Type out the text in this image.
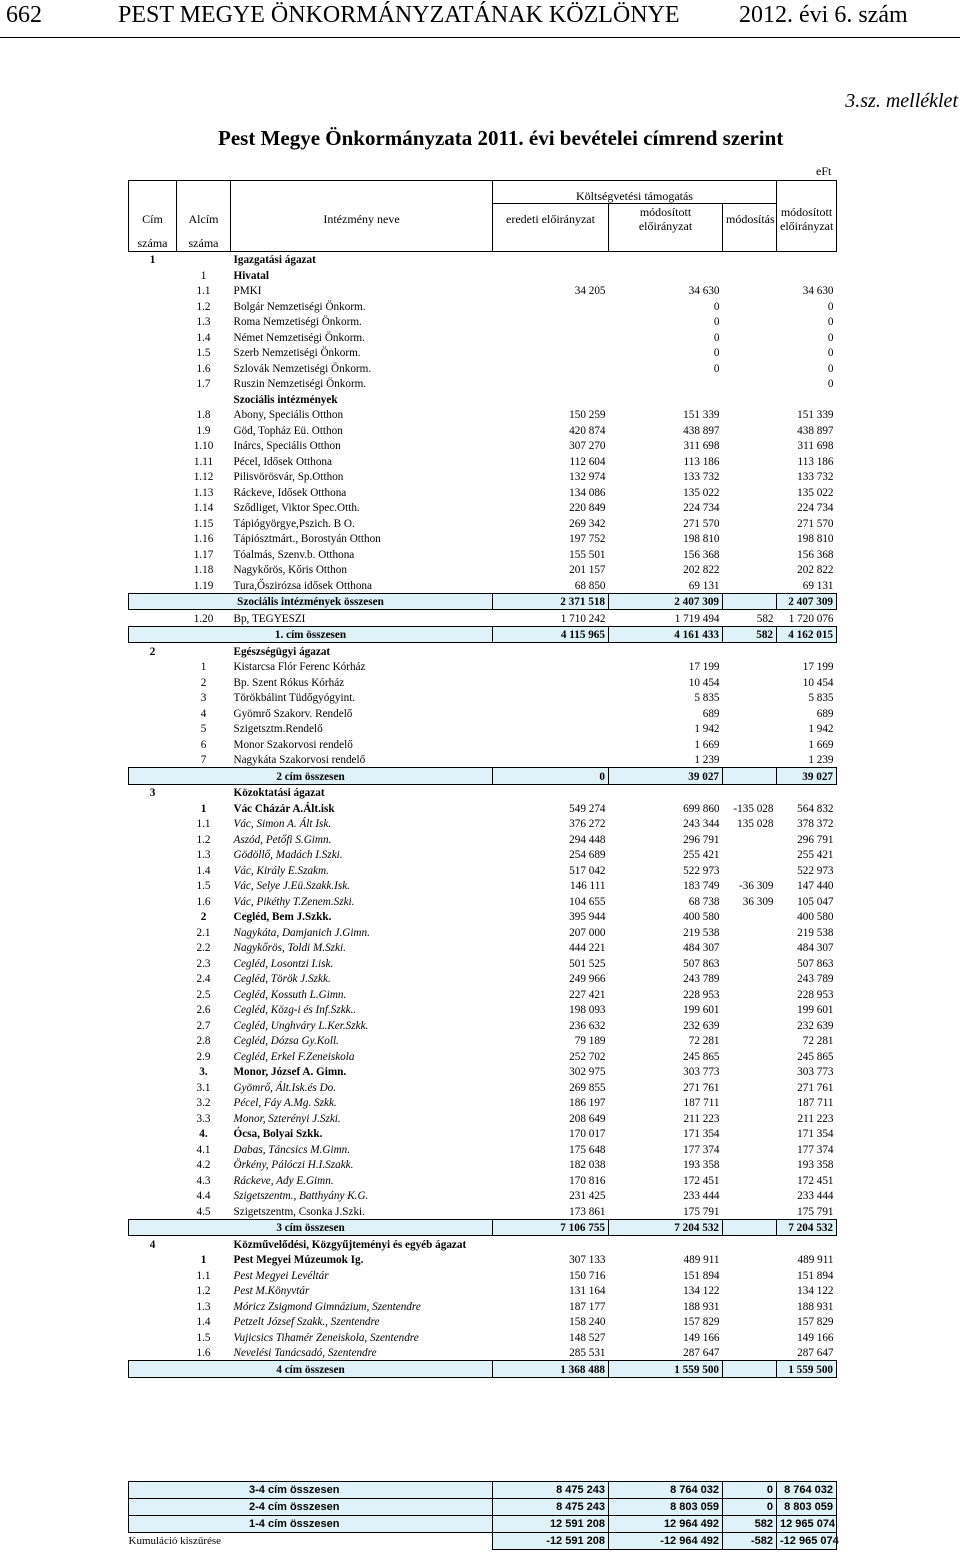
662	PEST MEGYE ÖNKORMÁNYZATÁNAK KÖZLÖNYE 2012. évi 6. szám
3.sz. melléklet
Pest Megye Önkormányzata 2011. évi bevételei címrend szerint
eFt
			Költségvetési támogatás			
Cím	Alcím	Intézmény neve	eredeti előirányzat	módosított előirányzat	módosítás	módosított előirányzat
száma	száma					
1		Igazgatási ágazat				
	1	Hivatal				
	1.1	PMKI	34 205	34 630		34 630
	1.2	Bolgár Nemzetiségi Önkorm.		0		0
	1.3	Roma Nemzetiségi Önkorm.		0		0
	1.4	Német Nemzetiségi Önkorm.		0		0
	1.5	Szerb Nemzetiségi Önkorm.		0		0
	1.6	Szlovák Nemzetiségi Önkorm.		0		0
	1.7	Ruszin Nemzetiségi Önkorm.				0
		Szociális intézmények				
	1.8	Abony, Speciális Otthon	150 259	151 339		151 339
	1.9	Göd, Topház Eü. Otthon	420 874	438 897		438 897
	1.10	Inárcs, Speciális Otthon	307 270	311 698		311 698
	1.11	Pécel, Idősek Otthona	112 604	113 186		113 186
	1.12	Pilisvörösvár, Sp.Otthon	132 974	133 732		133 732
	1.13	Ráckeve, Idősek Otthona	134 086	135 022		135 022
	1.14	Sződliget, Viktor Spec.Otth.	220 849	224 734		224 734
	1.15	Tápiógyörgye,Pszich. B O.	269 342	271 570		271 570
	1.16	Tápiósztmárt., Borostyán Otthon	197 752	198 810		198 810
	1.17	Tóalmás, Szenv.b. Otthona	155 501	156 368		156 368
	1.18	Nagykőrös, Kőris Otthon	201 157	202 822		202 822
	1.19	Tura,Őszirózsa idősek Otthona	68 850	69 131		69 131
Szociális intézmények összesen			2 371 518	2 407 309		2 407 309
	1.20	Bp, TEGYESZI	1 710 242	1 719 494	582	1 720 076
1. cím összesen			4 115 965	4 161 433	582	4 162 015
2		Egészségügyi ágazat				
	1	Kistarcsa Flór Ferenc Kórház		17 199		17 199
	2	Bp. Szent Rókus Kórház		10 454		10 454
	3	Törökbálint Tüdőgyógyint.		5 835		5 835
	4	Gyömrő Szakorv. Rendelő		689		689
	5	Szigetsztm.Rendelő		1 942		1 942
	6	Monor Szakorvosi rendelő		1 669		1 669
	7	Nagykáta Szakorvosi rendelő		1 239		1 239
2 cím összesen			0	39 027		39 027
3		Közoktatási ágazat				
	1	Vác Cházár A.Ált.isk	549 274	699 860	-135 028	564 832
	1.1	Vác, Simon A. Ált Isk.	376 272	243 344	135 028	378 372
	1.2	Aszód, Petőfi S.Gimn.	294 448	296 791		296 791
	1.3	Gödöllő, Madách I.Szki.	254 689	255 421		255 421
	1.4	Vác, Király E.Szakm.	517 042	522 973		522 973
	1.5	Vác, Selye J.Eü.Szakk.Isk.	146 111	183 749	-36 309	147 440
	1.6	Vác, Pikéthy T.Zenem.Szki.	104 655	68 738	36 309	105 047
	2	Cegléd, Bem J.Szkk.	395 944	400 580		400 580
	2.1	Nagykáta, Damjanich J.Gimn.	207 000	219 538		219 538
	2.2	Nagykőrös, Toldi M.Szki.	444 221	484 307		484 307
	2.3	Cegléd, Losontzi I.isk.	501 525	507 863		507 863
	2.4	Cegléd, Török J.Szkk.	249 966	243 789		243 789
	2.5	Cegléd, Kossuth L.Gimn.	227 421	228 953		228 953
	2.6	Cegléd, Közg-i és Inf.Szkk..	198 093	199 601		199 601
	2.7	Cegléd, Unghváry L.Ker.Szkk.	236 632	232 639		232 639
	2.8	Cegléd, Dózsa Gy.Koll.	79 189	72 281		72 281
	2.9	Cegléd, Erkel F.Zeneiskola	252 702	245 865		245 865
	3.	Monor, József A. Gimn.	302 975	303 773		303 773
	3.1	Gyömrő, Ált.Isk.és Do.	269 855	271 761		271 761
	3.2	Pécel, Fáy A.Mg. Szkk.	186 197	187 711		187 711
	3.3	Monor, Szterényi J.Szki.	208 649	211 223		211 223
	4.	Ócsa, Bolyai Szkk.	170 017	171 354		171 354
	4.1	Dabas, Táncsics M.Gimn.	175 648	177 374		177 374
	4.2	Örkény, Pálóczi H.I.Szakk.	182 038	193 358		193 358
	4.3	Ráckeve, Ady E.Gimn.	170 816	172 451		172 451
	4.4	Szigetszentm., Batthyány K.G.	231 425	233 444		233 444
	4.5	Szigetszentm, Csonka J.Szki.	173 861	175 791		175 791
3 cím összesen			7 106 755	7 204 532		7 204 532
4		Közművelődési, Közgyűjteményi és egyéb ágazat				
	1	Pest Megyei Múzeumok Ig.	307 133	489 911		489 911
	1.1	Pest Megyei Levéltár	150 716	151 894		151 894
	1.2	Pest M.Könyvtár	131 164	134 122		134 122
	1.3	Móricz Zsigmond Gimnázium, Szentendre	187 177	188 931		188 931
	1.4	Petzelt József Szakk., Szentendre	158 240	157 829		157 829
	1.5	Vujicsics Tihamér Zeneiskola, Szentendre	148 527	149 166		149 166
	1.6	Nevelési Tanácsadó, Szentendre	285 531	287 647		287 647
4 cím összesen			1 368 488	1 559 500		1 559 500
3-4 cím összesen	8 475 243	8 764 032	0	8 764 032
2-4 cím összesen	8 475 243	8 803 059	0	8 803 059
1-4 cím összesen	12 591 208	12 964 492	582	12 965 074
Kumuláció kiszűrése	-12 591 208	-12 964 492	-582	-12 965 074
